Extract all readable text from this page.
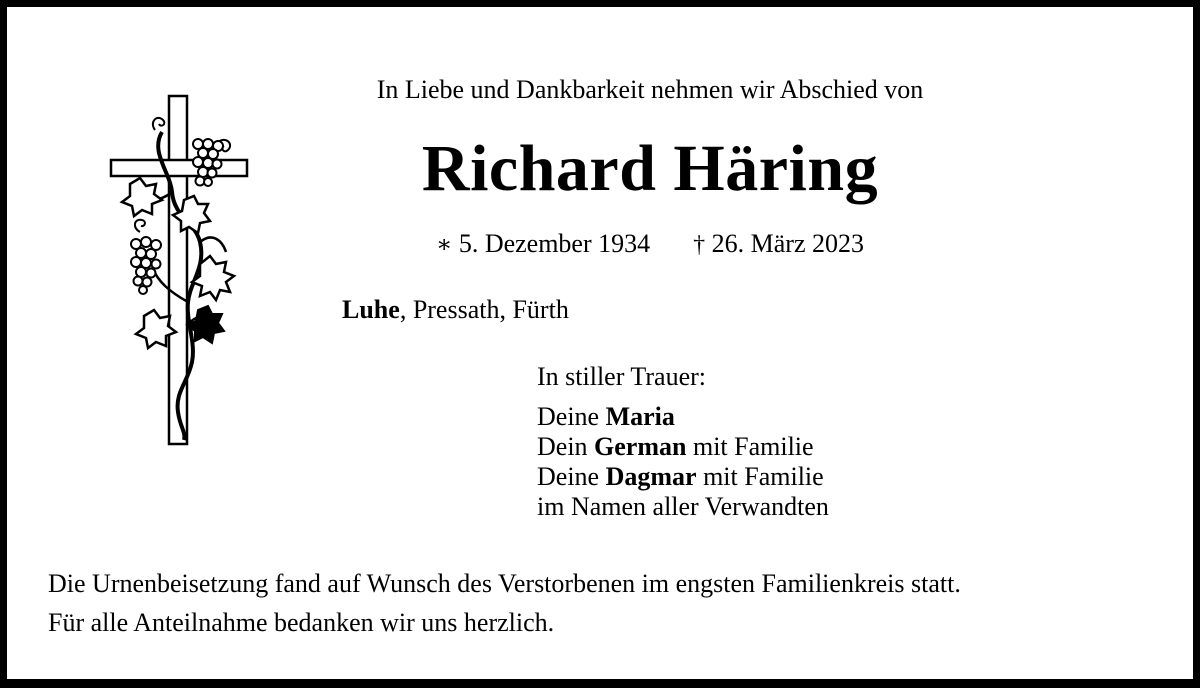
In Liebe und Dankbarkeit nehmen wir Abschied von
Richard Häring
∗ 5. Dezember 1934 † 26. März 2023
Luhe, Pressath, Fürth
In stiller Trauer:
Deine Maria
Dein German mit Familie
Deine Dagmar mit Familie
im Namen aller Verwandten
Die Urnenbeisetzung fand auf Wunsch des Verstorbenen im engsten Familienkreis statt.
Für alle Anteilnahme bedanken wir uns herzlich.
